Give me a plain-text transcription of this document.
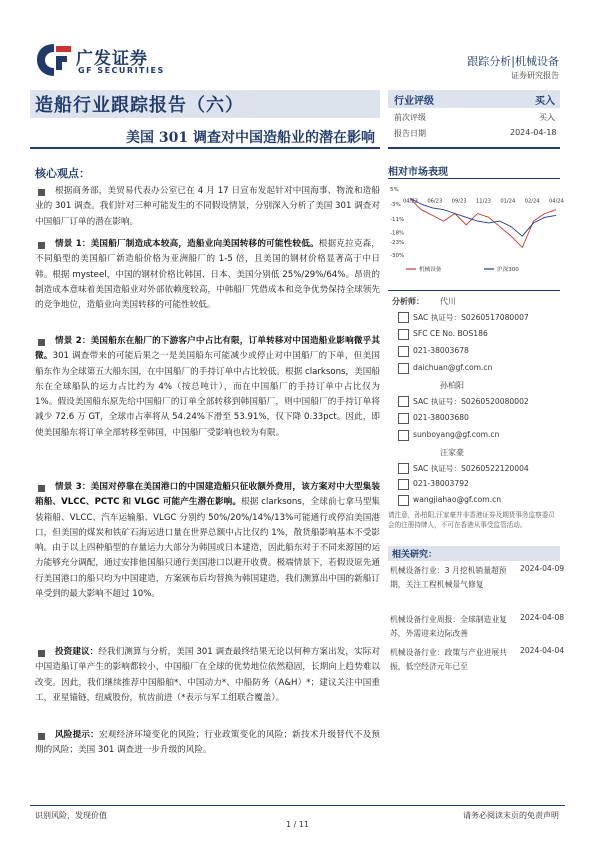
广发证券
GF SECURITIES
跟踪分析|机械设备
证券研究报告
造船行业跟踪报告（六）
美国 301 调查对中国造船业的潜在影响
行业评级	买入
前次评级	买入
报告日期	2024-04-18
核心观点：
根据商务部，美贸易代表办公室已在 4 月 17 日宣布发起针对中国海事、物流和造船业的 301 调查。我们针对三种可能发生的不同假设情景，分别深入分析了美国 301 调查对中国船厂订单的潜在影响。
情景 1：美国船厂制造成本较高，造船业向美国转移的可能性较低。根据克拉克森，不同船型的美国船厂新造船价格为亚洲船厂的 1-5 倍，且美国的钢材价格显著高于中日韩。根据 mysteel，中国的钢材价格比韩国、日本、美国分别低 25%/29%/64%。昂贵的制造成本意味着美国造船业对外部依赖度较高，中韩船厂凭借成本和竞争优势保持全球领先的竞争地位，造船业向美国转移的可能性较低。
情景 2：美国船东在船厂的下游客户中占比有限，订单转移对中国造船业影响微乎其微。301 调查带来的可能后果之一是美国船东可能减少或停止对中国船厂的下单，但美国船东作为全球第五大船东国，在中国船厂的手持订单中占比较低。根据 clarksons，美国船东在全球船队的运力占比约为 4%（按总吨计），而在中国船厂的手持订单中占比仅为 1%。假设美国船东原先给中国船厂的订单全部转移到韩国船厂，则中国船厂的手持订单将减少 72.6 万 GT，全球市占率将从 54.24%下滑至 53.91%，仅下降 0.33pct。因此，即使美国船东将订单全部转移至韩国，中国船厂受影响也较为有限。
情景 3：美国对停靠在美国港口的中国建造船只征收额外费用，该方案对中大型集装箱船、VLCC、PCTC 和 VLGC 可能产生潜在影响。根据 clarksons，全球前七拿马型集装箱船、VLCC、汽车运输船、VLGC 分别约 50%/20%/14%/13%可能通行或停泊美国港口，但美国的煤炭和铁矿石海运进口量在世界总额中占比仅约 1%，散货船影响基本不受影响。由于以上四种船型的存量运力大部分为韩国或日本建造，因此船东对于不同来源国的运力能够充分调配，通过安排他国船只通行美国港口以避开收费。极端情景下，若假设原先通行美国港口的船只均为中国建造，方案颁布后均替换为韩国建造，我们测算出中国的新船订单受到的最大影响不超过 10%。
投资建议：经我们测算与分析，美国 301 调查最终结果无论以何种方案出发，实际对中国造船订单产生的影响都较小，中国船厂在全球的优势地位依然稳固，长期向上趋势难以改变。因此，我们继续推荐中国船舶*、中国动力*、中船防务（A&H）*；建议关注中国重工，亚星锚链，纽威股份，杭齿前进（*表示与军工组联合覆盖）。
风险提示：宏观经济环境变化的风险；行业政策变化的风险；新技术升级替代不及预期的风险；美国 301 调查进一步升级的风险。
相对市场表现
5%
-3%
-11%
-18%
-23%
-30%
04/23 06/23 09/23 11/23 01/24 02/24 04/24
机械设备	沪深300
分析师： 代川
SAC 执证号：S0260517080007
SFC CE No. BOS186
021-38003678
daichuan@gf.com.cn
孙柏阳
SAC 执证号：S0260520080002
021-38003680
sunboyang@gf.com.cn
汪家豪
SAC 执证号：S0260522120004
021-38003792
wangjiahao@gf.com.cn
请注意，孙柏阳,汪家豪并非香港证券及期货事务监察委员会的注册持牌人，不可在香港从事受监管活动。
相关研究：
机械设备行业：3 月挖机销量超预期，关注工程机械景气修复
2024-04-09
机械设备行业周报：全球制造业复苏，外需迎来边际改善
2024-04-08
机械设备行业：政策与产业进展共振，低空经济元年已至
2024-04-04
识别风险，发现价值	请务必阅读末页的免责声明
1 / 11
